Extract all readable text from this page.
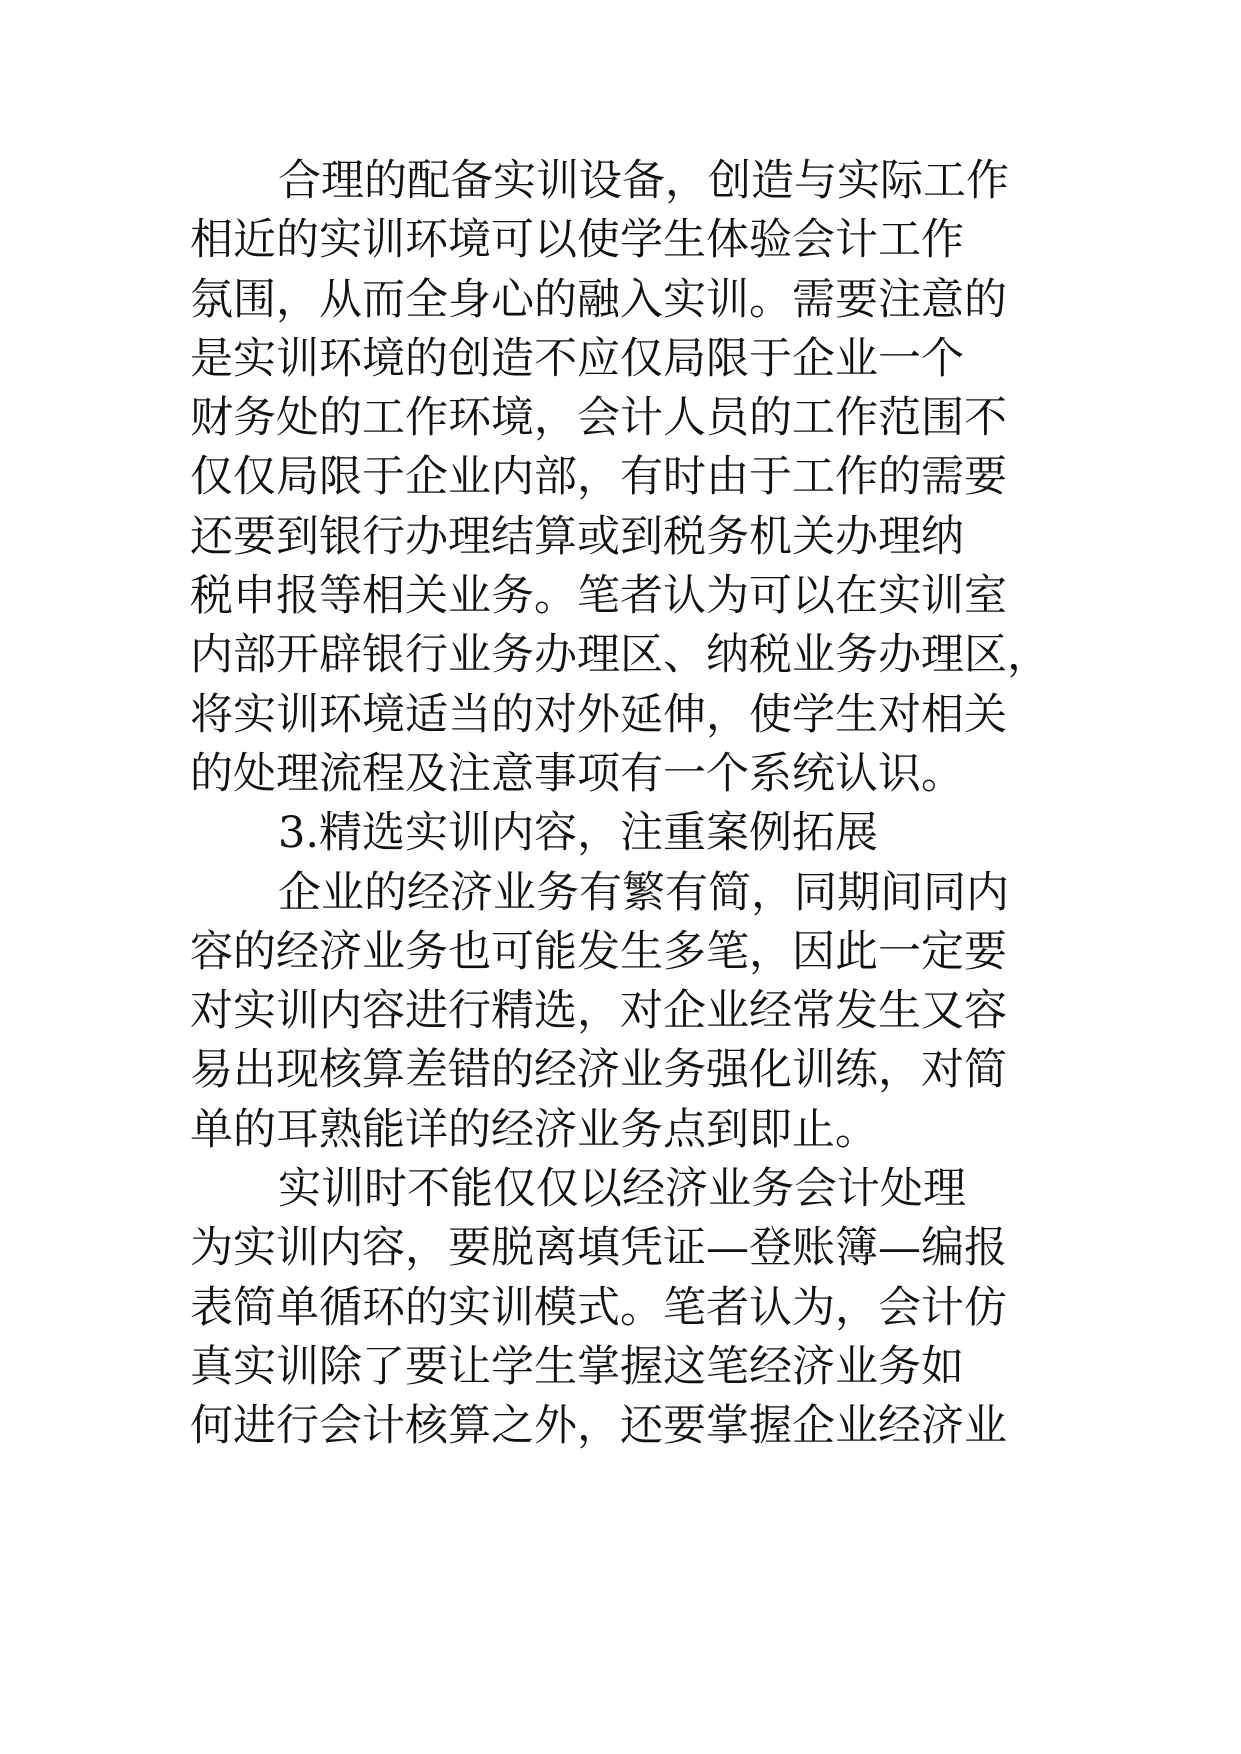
合理的配备实训设备，创造与实际工作
相近的实训环境可以使学生体验会计工作
氛围，从而全身心的融入实训。需要注意的
是实训环境的创造不应仅局限于企业一个
财务处的工作环境，会计人员的工作范围不
仅仅局限于企业内部，有时由于工作的需要
还要到银行办理结算或到税务机关办理纳
税申报等相关业务。笔者认为可以在实训室
内部开辟银行业务办理区、纳税业务办理区，
将实训环境适当的对外延伸，使学生对相关
的处理流程及注意事项有一个系统认识。
3.精选实训内容，注重案例拓展
企业的经济业务有繁有简，同期间同内
容的经济业务也可能发生多笔，因此一定要
对实训内容进行精选，对企业经常发生又容
易出现核算差错的经济业务强化训练，对简
单的耳熟能详的经济业务点到即止。
实训时不能仅仅以经济业务会计处理
为实训内容，要脱离填凭证—登账簿—编报
表简单循环的实训模式。笔者认为，会计仿
真实训除了要让学生掌握这笔经济业务如
何进行会计核算之外，还要掌握企业经济业
